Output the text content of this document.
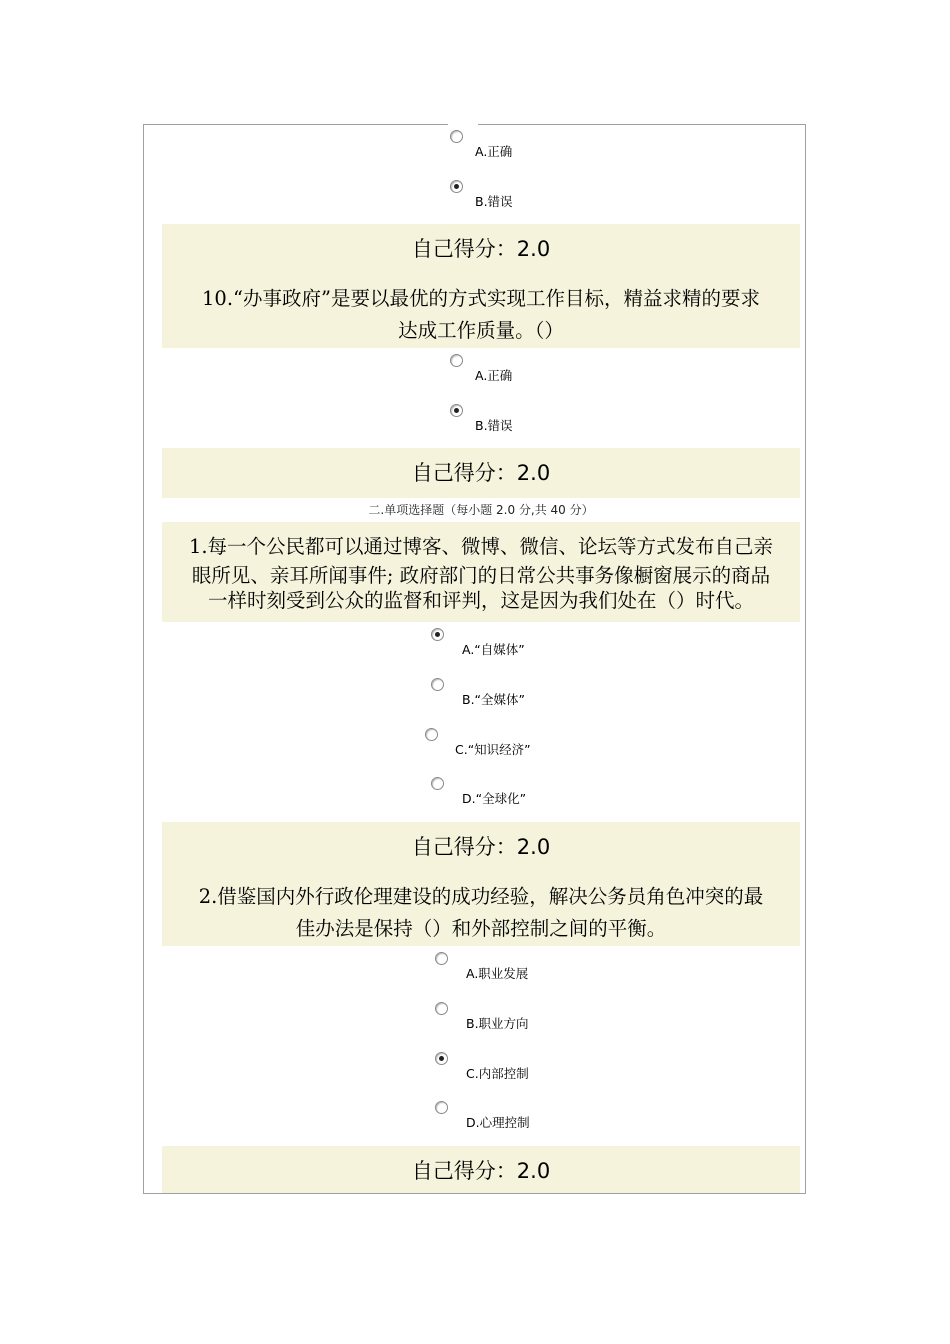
A.正确
B.错误
自己得分：2.0
10.“办事政府”是要以最优的方式实现工作目标，精益求精的要求
达成工作质量。（）
A.正确
B.错误
自己得分：2.0
二.单项选择题（每小题 2.0 分,共 40 分）
1.每一个公民都可以通过博客、微博、微信、论坛等方式发布自己亲
眼所见、亲耳所闻事件; 政府部门的日常公共事务像橱窗展示的商品
一样时刻受到公众的监督和评判，这是因为我们处在（）时代。
A.“自媒体”
B.“全媒体”
C.“知识经济”
D.“全球化”
自己得分：2.0
2.借鉴国内外行政伦理建设的成功经验，解决公务员角色冲突的最
佳办法是保持（）和外部控制之间的平衡。
A.职业发展
B.职业方向
C.内部控制
D.心理控制
自己得分：2.0
